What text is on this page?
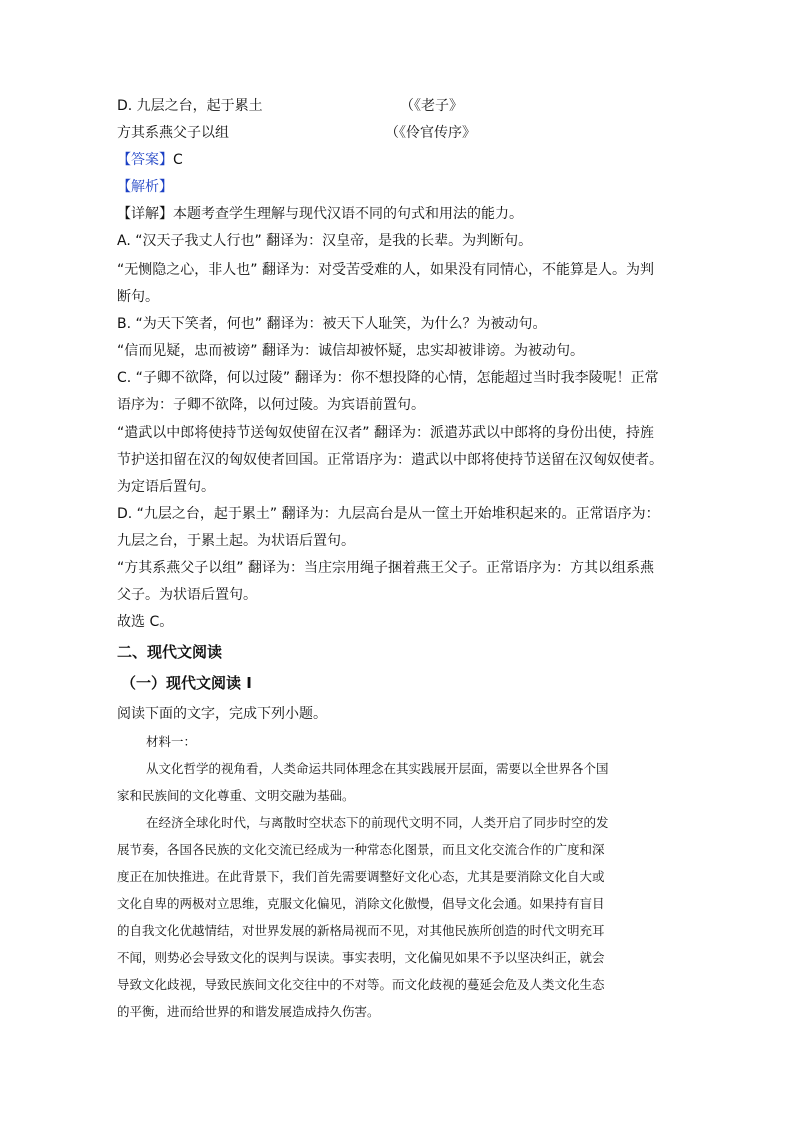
D. 九层之台，起于累土	（《老子》
方其系燕父子以组	（《伶官传序》
【答案】C
【解析】
【详解】本题考查学生理解与现代汉语不同的句式和用法的能力。
A. “汉天子我丈人行也” 翻译为：汉皇帝，是我的长辈。为判断句。
“无恻隐之心，非人也” 翻译为：对受苦受难的人，如果没有同情心，不能算是人。为判
断句。
B. “为天下笑者，何也” 翻译为：被天下人耻笑，为什么？为被动句。
“信而见疑，忠而被谤” 翻译为：诚信却被怀疑，忠实却被诽谤。为被动句。
C. “子卿不欲降，何以过陵” 翻译为：你不想投降的心情，怎能超过当时我李陵呢！正常
语序为：子卿不欲降，以何过陵。为宾语前置句。
“遣武以中郎将使持节送匈奴使留在汉者” 翻译为：派遣苏武以中郎将的身份出使，持旌
节护送扣留在汉的匈奴使者回国。正常语序为：遣武以中郎将使持节送留在汉匈奴使者。
为定语后置句。
D. “九层之台，起于累土” 翻译为：九层高台是从一筐土开始堆积起来的。正常语序为：
九层之台，于累土起。为状语后置句。
“方其系燕父子以组” 翻译为：当庄宗用绳子捆着燕王父子。正常语序为：方其以组系燕
父子。为状语后置句。
故选 C。
二、现代文阅读
（一）现代文阅读 I
阅读下面的文字，完成下列小题。
材料一：
从文化哲学的视角看，人类命运共同体理念在其实践展开层面，需要以全世界各个国
家和民族间的文化尊重、文明交融为基础。
在经济全球化时代，与离散时空状态下的前现代文明不同，人类开启了同步时空的发
展节奏，各国各民族的文化交流已经成为一种常态化图景，而且文化交流合作的广度和深
度正在加快推进。在此背景下，我们首先需要调整好文化心态，尤其是要消除文化自大或
文化自卑的两极对立思维，克服文化偏见，消除文化傲慢，倡导文化会通。如果持有盲目
的自我文化优越情结，对世界发展的新格局视而不见，对其他民族所创造的时代文明充耳
不闻，则势必会导致文化的误判与误读。事实表明，文化偏见如果不予以坚决纠正，就会
导致文化歧视，导致民族间文化交往中的不对等。而文化歧视的蔓延会危及人类文化生态
的平衡，进而给世界的和谐发展造成持久伤害。
